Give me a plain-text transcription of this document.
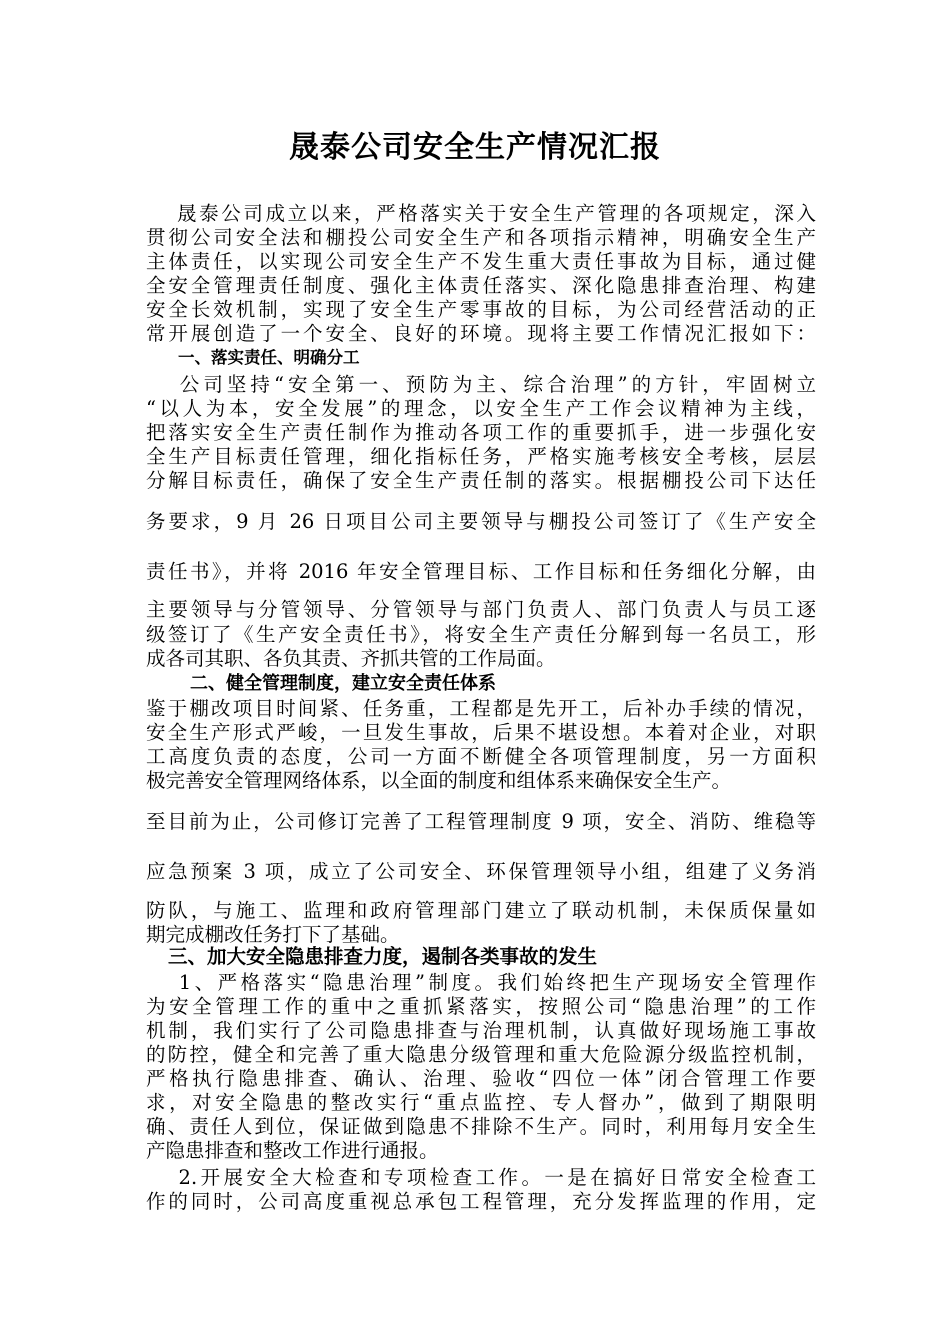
晟泰公司安全生产情况汇报
　 晟泰公司成立以来，严格落实关于安全生产管理的各项规定，深入
贯彻公司安全法和棚投公司安全生产和各项指示精神，明确安全生产
主体责任，以实现公司安全生产不发生重大责任事故为目标，通过健
全安全管理责任制度、强化主体责任落实、深化隐患排查治理、构建
安全长效机制，实现了安全生产零事故的目标，为公司经营活动的正
常开展创造了一个安全、良好的环境。现将主要工作情况汇报如下：
一、落实责任、明确分工
　 公司坚持“安全第一、预防为主、综合治理”的方针，牢固树立
“以人为本，安全发展”的理念，以安全生产工作会议精神为主线，
把落实安全生产责任制作为推动各项工作的重要抓手，进一步强化安
全生产目标责任管理，细化指标任务，严格实施考核安全考核，层层
分解目标责任，确保了安全生产责任制的落实。根据棚投公司下达任
务要求，9 月 26 日项目公司主要领导与棚投公司签订了《生产安全
责任书》，并将 2016 年安全管理目标、工作目标和任务细化分解，由
主要领导与分管领导、分管领导与部门负责人、部门负责人与员工逐
级签订了《生产安全责任书》，将安全生产责任分解到每一名员工，形
成各司其职、各负其责、齐抓共管的工作局面。
二、健全管理制度，建立安全责任体系
鉴于棚改项目时间紧、任务重，工程都是先开工，后补办手续的情况，
安全生产形式严峻，一旦发生事故，后果不堪设想。本着对企业，对职
工高度负责的态度，公司一方面不断健全各项管理制度，另一方面积
极完善安全管理网络体系，以全面的制度和组体系来确保安全生产。
至目前为止，公司修订完善了工程管理制度 9 项，安全、消防、维稳等
应急预案 3 项，成立了公司安全、环保管理领导小组，组建了义务消
防队，与施工、监理和政府管理部门建立了联动机制，未保质保量如
期完成棚改任务打下了基础。
三、加大安全隐患排查力度，遏制各类事故的发生
　 1、严格落实“隐患治理”制度。我们始终把生产现场安全管理作
为安全管理工作的重中之重抓紧落实，按照公司“隐患治理”的工作
机制，我们实行了公司隐患排查与治理机制，认真做好现场施工事故
的防控，健全和完善了重大隐患分级管理和重大危险源分级监控机制，
严格执行隐患排查、确认、治理、验收“四位一体”闭合管理工作要
求，对安全隐患的整改实行“重点监控、专人督办”，做到了期限明
确、责任人到位，保证做到隐患不排除不生产。同时，利用每月安全生
产隐患排查和整改工作进行通报。
　 2.开展安全大检查和专项检查工作。一是在搞好日常安全检查工
作的同时，公司高度重视总承包工程管理，充分发挥监理的作用，定
